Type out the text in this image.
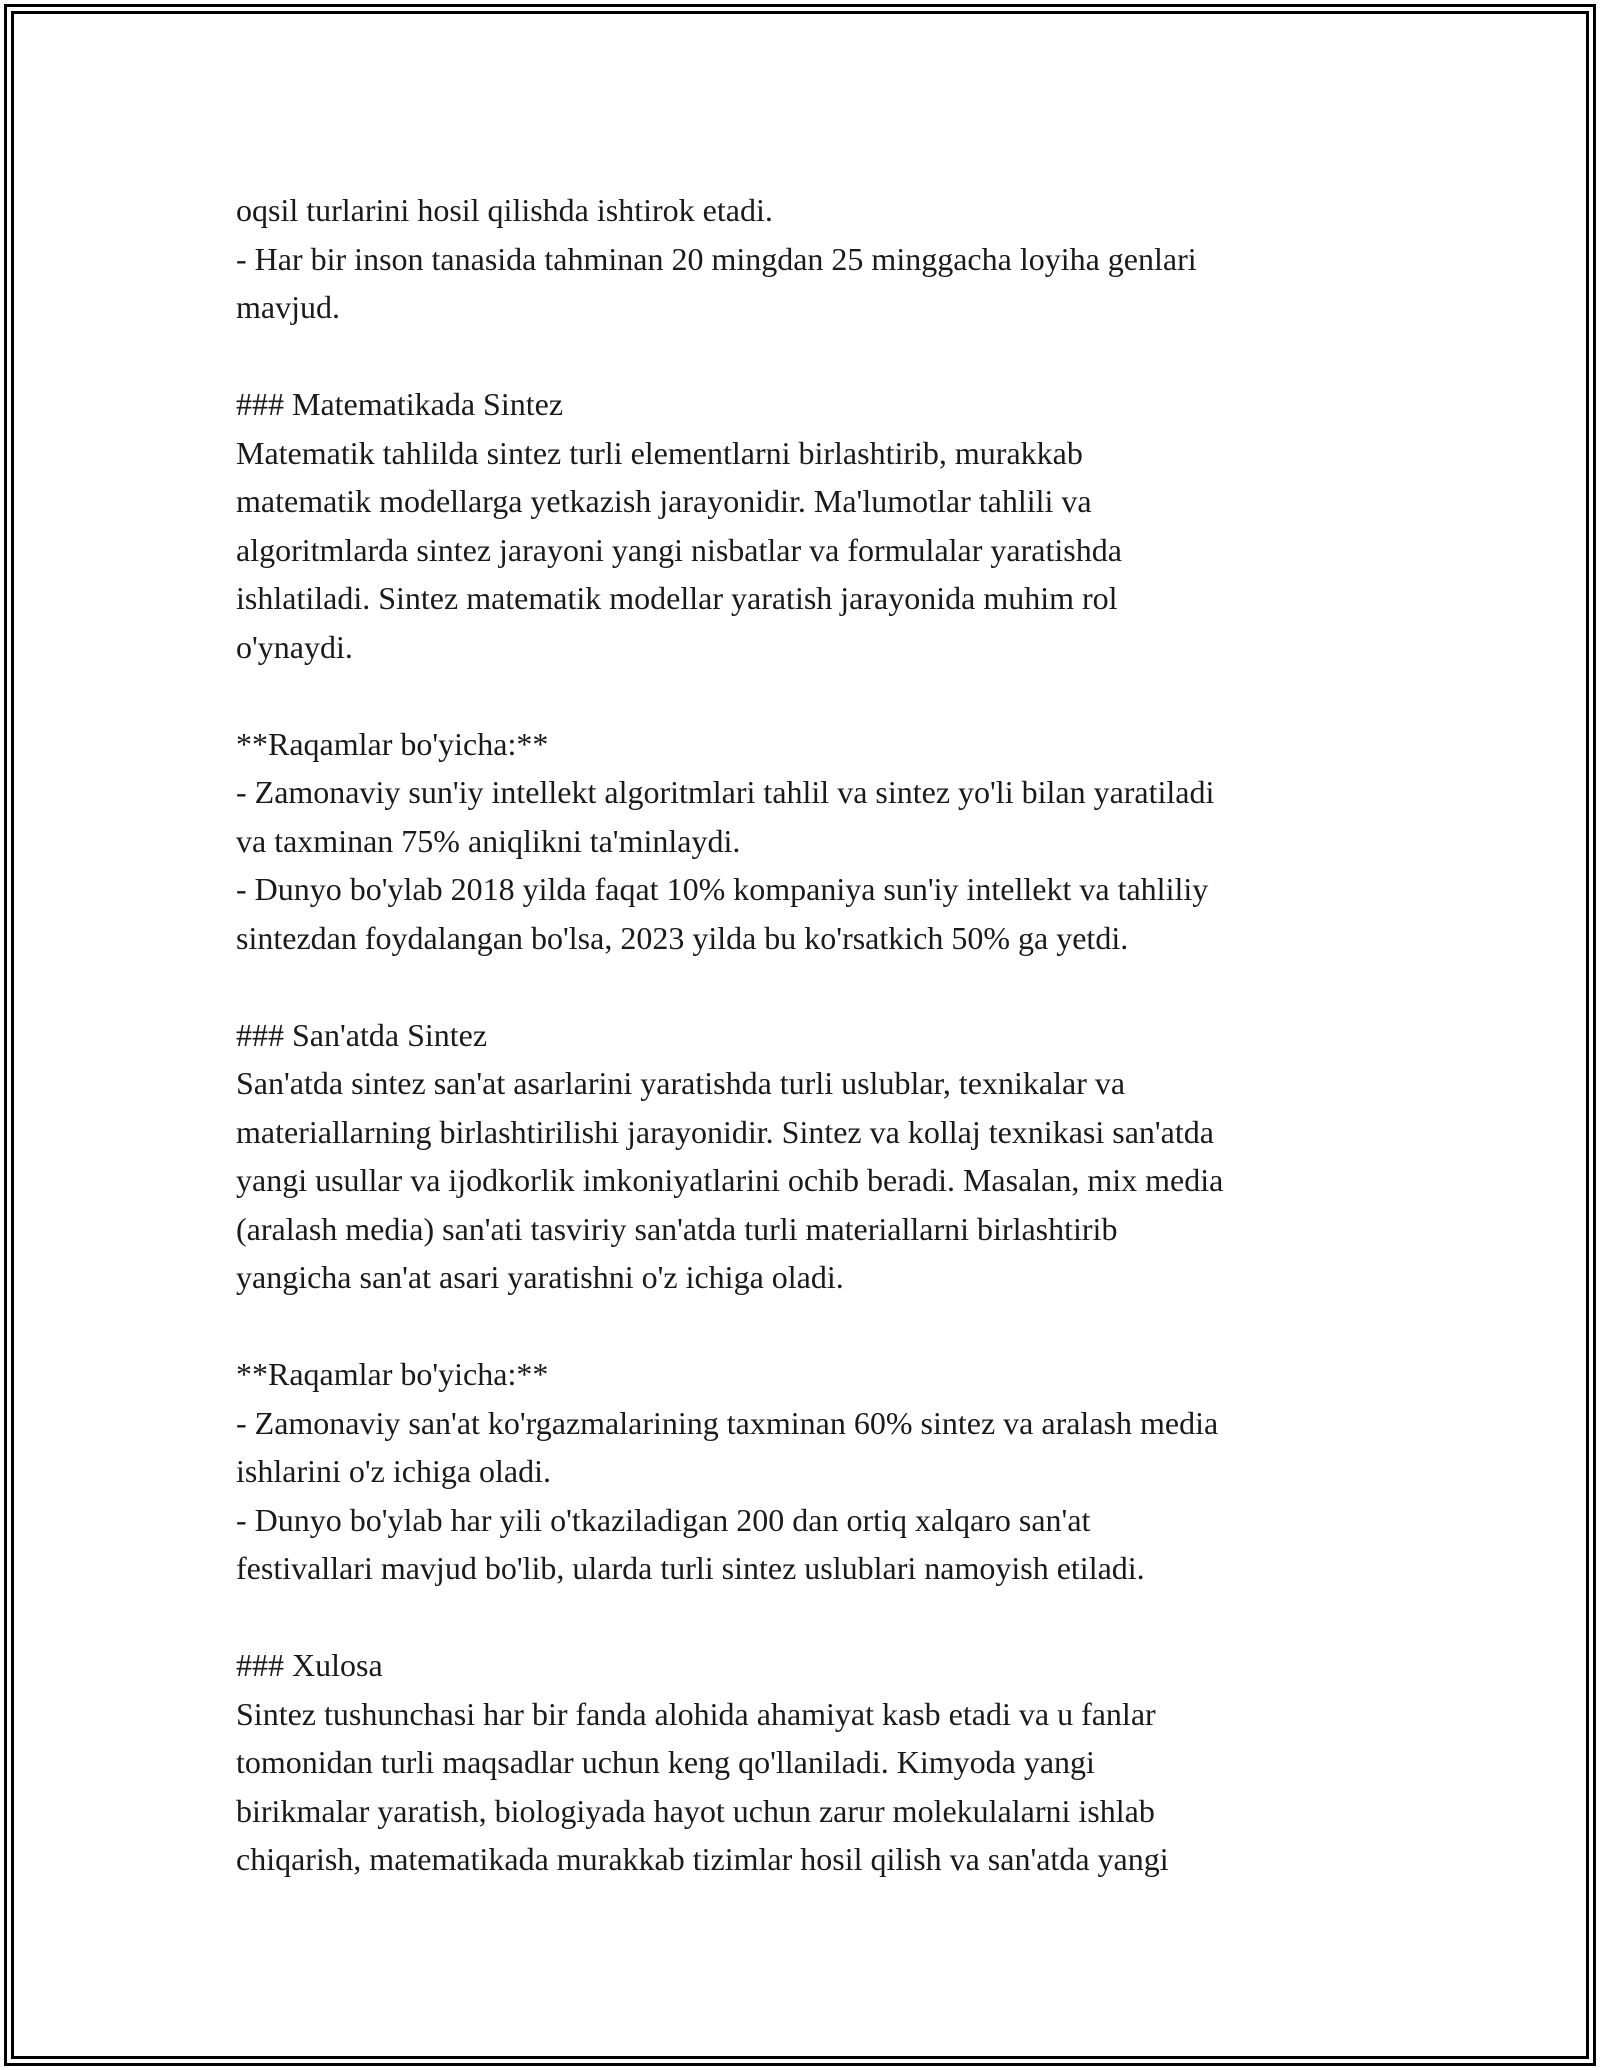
oqsil turlarini hosil qilishda ishtirok etadi.
- Har bir inson tanasida tahminan 20 mingdan 25 minggacha loyiha genlari
mavjud.
### Matematikada Sintez
Matematik tahlilda sintez turli elementlarni birlashtirib, murakkab
matematik modellarga yetkazish jarayonidir. Ma'lumotlar tahlili va
algoritmlarda sintez jarayoni yangi nisbatlar va formulalar yaratishda
ishlatiladi. Sintez matematik modellar yaratish jarayonida muhim rol
o'ynaydi.
**Raqamlar bo'yicha:**
- Zamonaviy sun'iy intellekt algoritmlari tahlil va sintez yo'li bilan yaratiladi
va taxminan 75% aniqlikni ta'minlaydi.
- Dunyo bo'ylab 2018 yilda faqat 10% kompaniya sun'iy intellekt va tahliliy
sintezdan foydalangan bo'lsa, 2023 yilda bu ko'rsatkich 50% ga yetdi.
### San'atda Sintez
San'atda sintez san'at asarlarini yaratishda turli uslublar, texnikalar va
materiallarning birlashtirilishi jarayonidir. Sintez va kollaj texnikasi san'atda
yangi usullar va ijodkorlik imkoniyatlarini ochib beradi. Masalan, mix media
(aralash media) san'ati tasviriy san'atda turli materiallarni birlashtirib
yangicha san'at asari yaratishni o'z ichiga oladi.
**Raqamlar bo'yicha:**
- Zamonaviy san'at ko'rgazmalarining taxminan 60% sintez va aralash media
ishlarini o'z ichiga oladi.
- Dunyo bo'ylab har yili o'tkaziladigan 200 dan ortiq xalqaro san'at
festivallari mavjud bo'lib, ularda turli sintez uslublari namoyish etiladi.
### Xulosa
Sintez tushunchasi har bir fanda alohida ahamiyat kasb etadi va u fanlar
tomonidan turli maqsadlar uchun keng qo'llaniladi. Kimyoda yangi
birikmalar yaratish, biologiyada hayot uchun zarur molekulalarni ishlab
chiqarish, matematikada murakkab tizimlar hosil qilish va san'atda yangi
